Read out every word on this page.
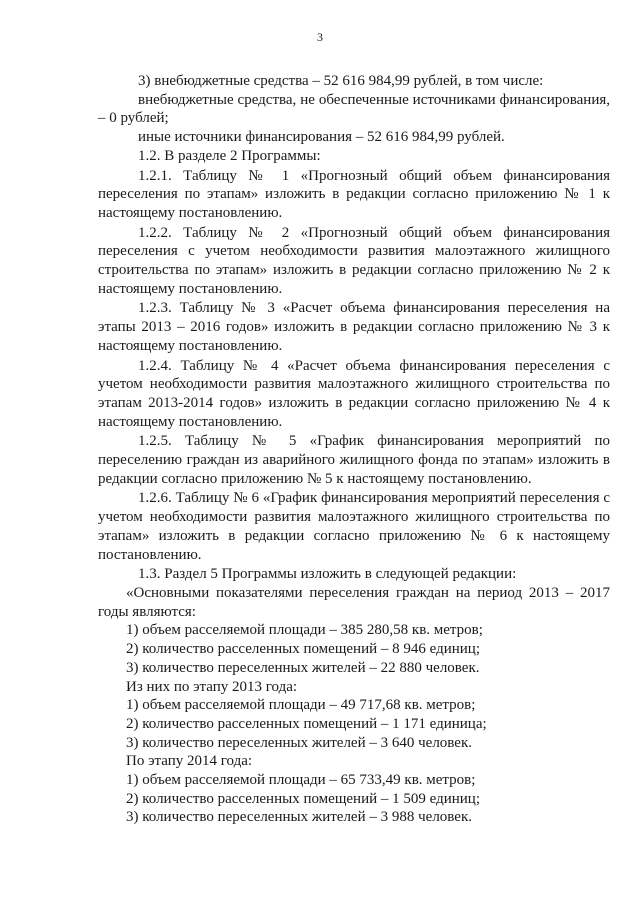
3

3) внебюджетные средства – 52 616 984,99 рублей, в том числе:

внебюджетные средства, не обеспеченные источниками финансирования, – 0 рублей;

иные источники финансирования – 52 616 984,99 рублей.

1.2. В разделе 2 Программы:

1.2.1. Таблицу № 1 «Прогнозный общий объем финансирования переселения по этапам» изложить в редакции согласно приложению № 1 к настоящему постановлению.

1.2.2. Таблицу № 2 «Прогнозный общий объем финансирования переселения с учетом необходимости развития малоэтажного жилищного строительства по этапам» изложить в редакции согласно приложению № 2 к настоящему постановлению.

1.2.3. Таблицу № 3 «Расчет объема финансирования переселения на этапы 2013 – 2016 годов» изложить в редакции согласно приложению № 3 к настоящему постановлению.

1.2.4. Таблицу № 4 «Расчет объема финансирования переселения с учетом необходимости развития малоэтажного жилищного строительства по этапам 2013-2014 годов» изложить в редакции согласно приложению № 4 к настоящему постановлению.

1.2.5. Таблицу № 5 «График финансирования мероприятий по переселению граждан из аварийного жилищного фонда по этапам» изложить в редакции согласно приложению № 5 к настоящему постановлению.

1.2.6. Таблицу № 6 «График финансирования мероприятий переселения с учетом необходимости развития малоэтажного жилищного строительства по этапам» изложить в редакции согласно приложению № 6 к настоящему постановлению.

1.3. Раздел 5 Программы изложить в следующей редакции:

«Основными показателями переселения граждан на период 2013 – 2017 годы являются:

1) объем расселяемой площади – 385 280,58 кв. метров;

2) количество расселенных помещений – 8 946 единиц;

3) количество переселенных жителей – 22 880 человек.

Из них по этапу 2013 года:

1) объем расселяемой площади – 49 717,68 кв. метров;

2) количество расселенных помещений – 1 171 единица;

3) количество переселенных жителей – 3 640 человек.

По этапу 2014 года:

1) объем расселяемой площади – 65 733,49 кв. метров;

2) количество расселенных помещений – 1 509 единиц;

3) количество переселенных жителей – 3 988 человек.
